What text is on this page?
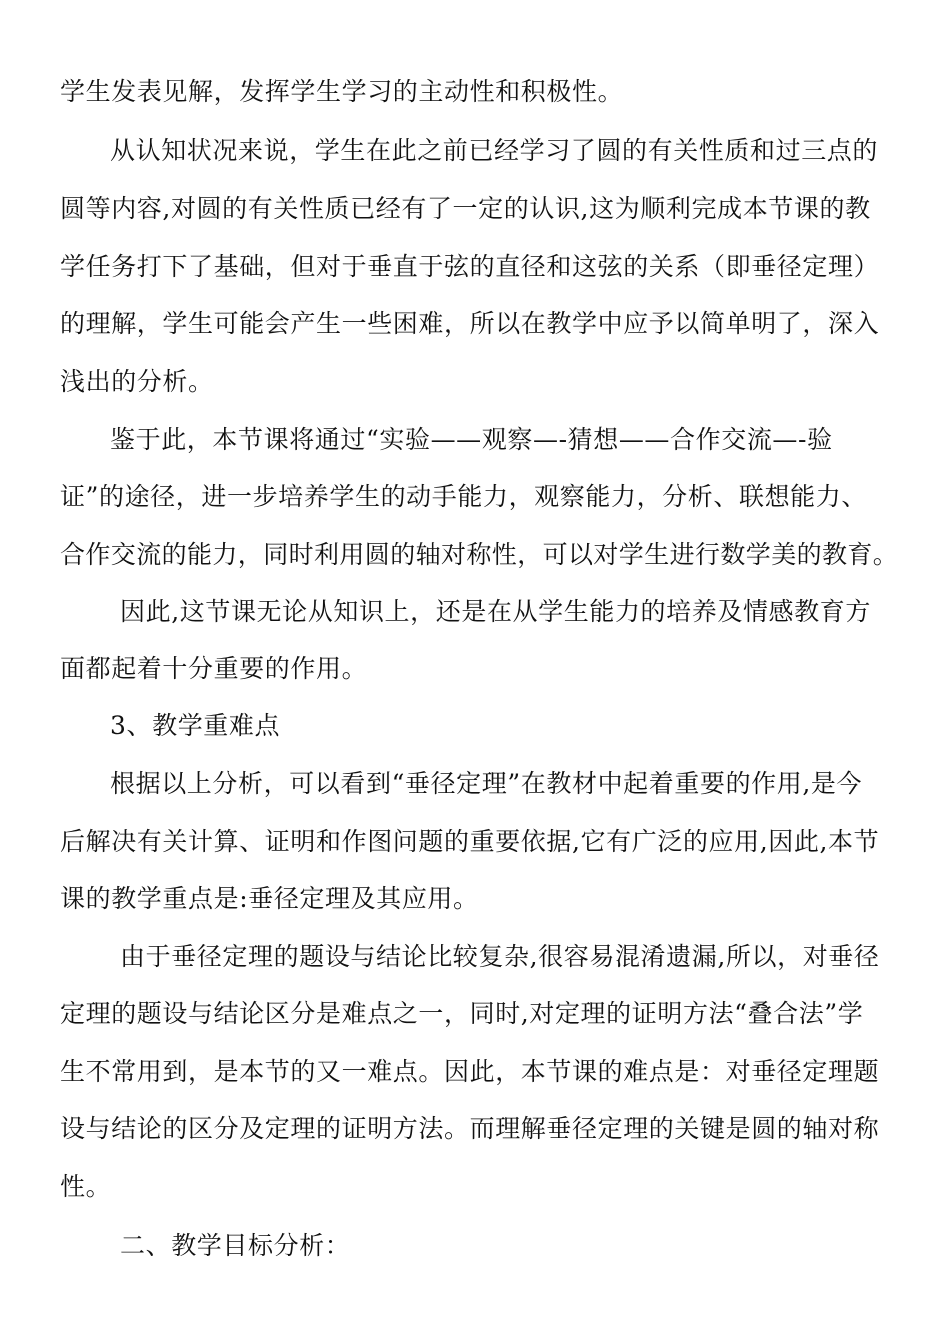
学生发表见解，发挥学生学习的主动性和积极性。
从认知状况来说，学生在此之前已经学习了圆的有关性质和过三点的
圆等内容,对圆的有关性质已经有了一定的认识,这为顺利完成本节课的教
学任务打下了基础，但对于垂直于弦的直径和这弦的关系（即垂径定理）
的理解，学生可能会产生一些困难，所以在教学中应予以简单明了，深入
浅出的分析。
鉴于此，本节课将通过“实验——观察—-猜想——合作交流—-验
证”的途径，进一步培养学生的动手能力，观察能力，分析、联想能力、
合作交流的能力，同时利用圆的轴对称性，可以对学生进行数学美的教育。
因此,这节课无论从知识上，还是在从学生能力的培养及情感教育方
面都起着十分重要的作用。
3、教学重难点
根据以上分析，可以看到“垂径定理”在教材中起着重要的作用,是今
后解决有关计算、证明和作图问题的重要依据,它有广泛的应用,因此,本节
课的教学重点是:垂径定理及其应用。
由于垂径定理的题设与结论比较复杂,很容易混淆遗漏,所以，对垂径
定理的题设与结论区分是难点之一，同时,对定理的证明方法“叠合法”学
生不常用到，是本节的又一难点。因此，本节课的难点是：对垂径定理题
设与结论的区分及定理的证明方法。而理解垂径定理的关键是圆的轴对称
性。
二、教学目标分析：
